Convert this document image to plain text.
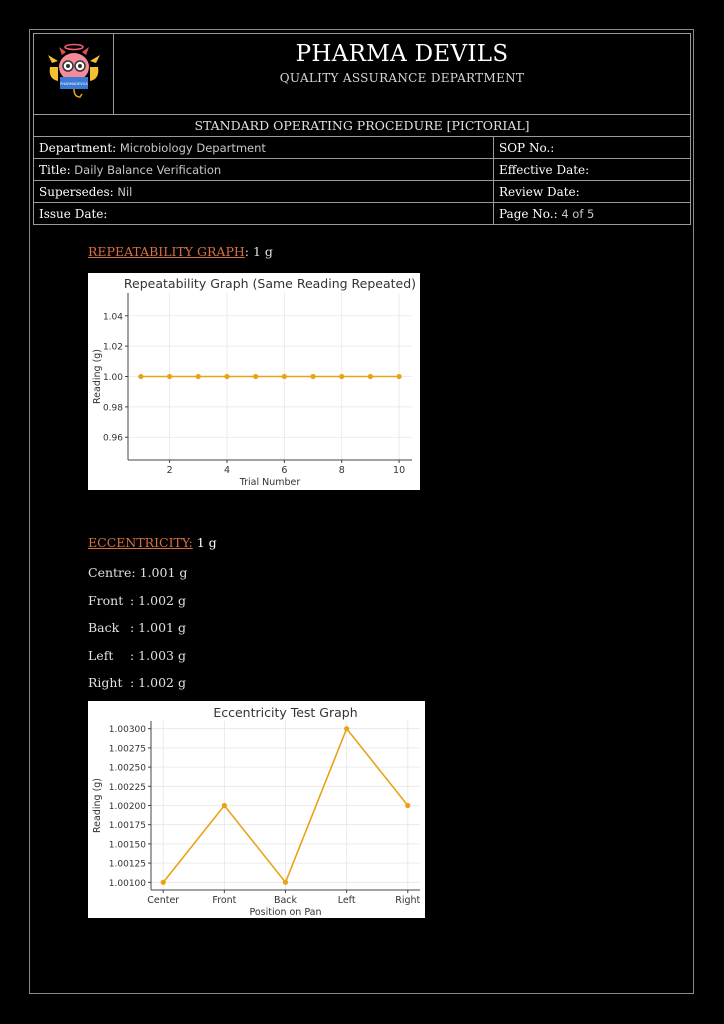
PHARMADEVILS	PHARMA DEVILS
QUALITY ASSURANCE DEPARTMENT	

STANDARD OPERATING PROCEDURE [PICTORIAL]		
Department: Microbiology Department		SOP No.:
Title: Daily Balance Verification		Effective Date:
Supersedes: Nil		Review Date:
Issue Date:		Page No.: 4 of 5
REPEATABILITY GRAPH: 1 g
Repeatability Graph (Same Reading Repeated)
0.96
0.98
1.00
1.02
1.04
2	4	6	8	10
Trial Number
Reading (g)
ECCENTRICITY: 1 g
Centre : 1.001 g
Front : 1.002 g
Back : 1.001 g
Left	: 1.003 g
Right : 1.002 g
Eccentricity Test Graph
1.00100
1.00125
1.00150
1.00175
1.00200
1.00225
1.00250
1.00275
1.00300
Center	Front	Back	Left	Right
Position on Pan
Reading (g)
